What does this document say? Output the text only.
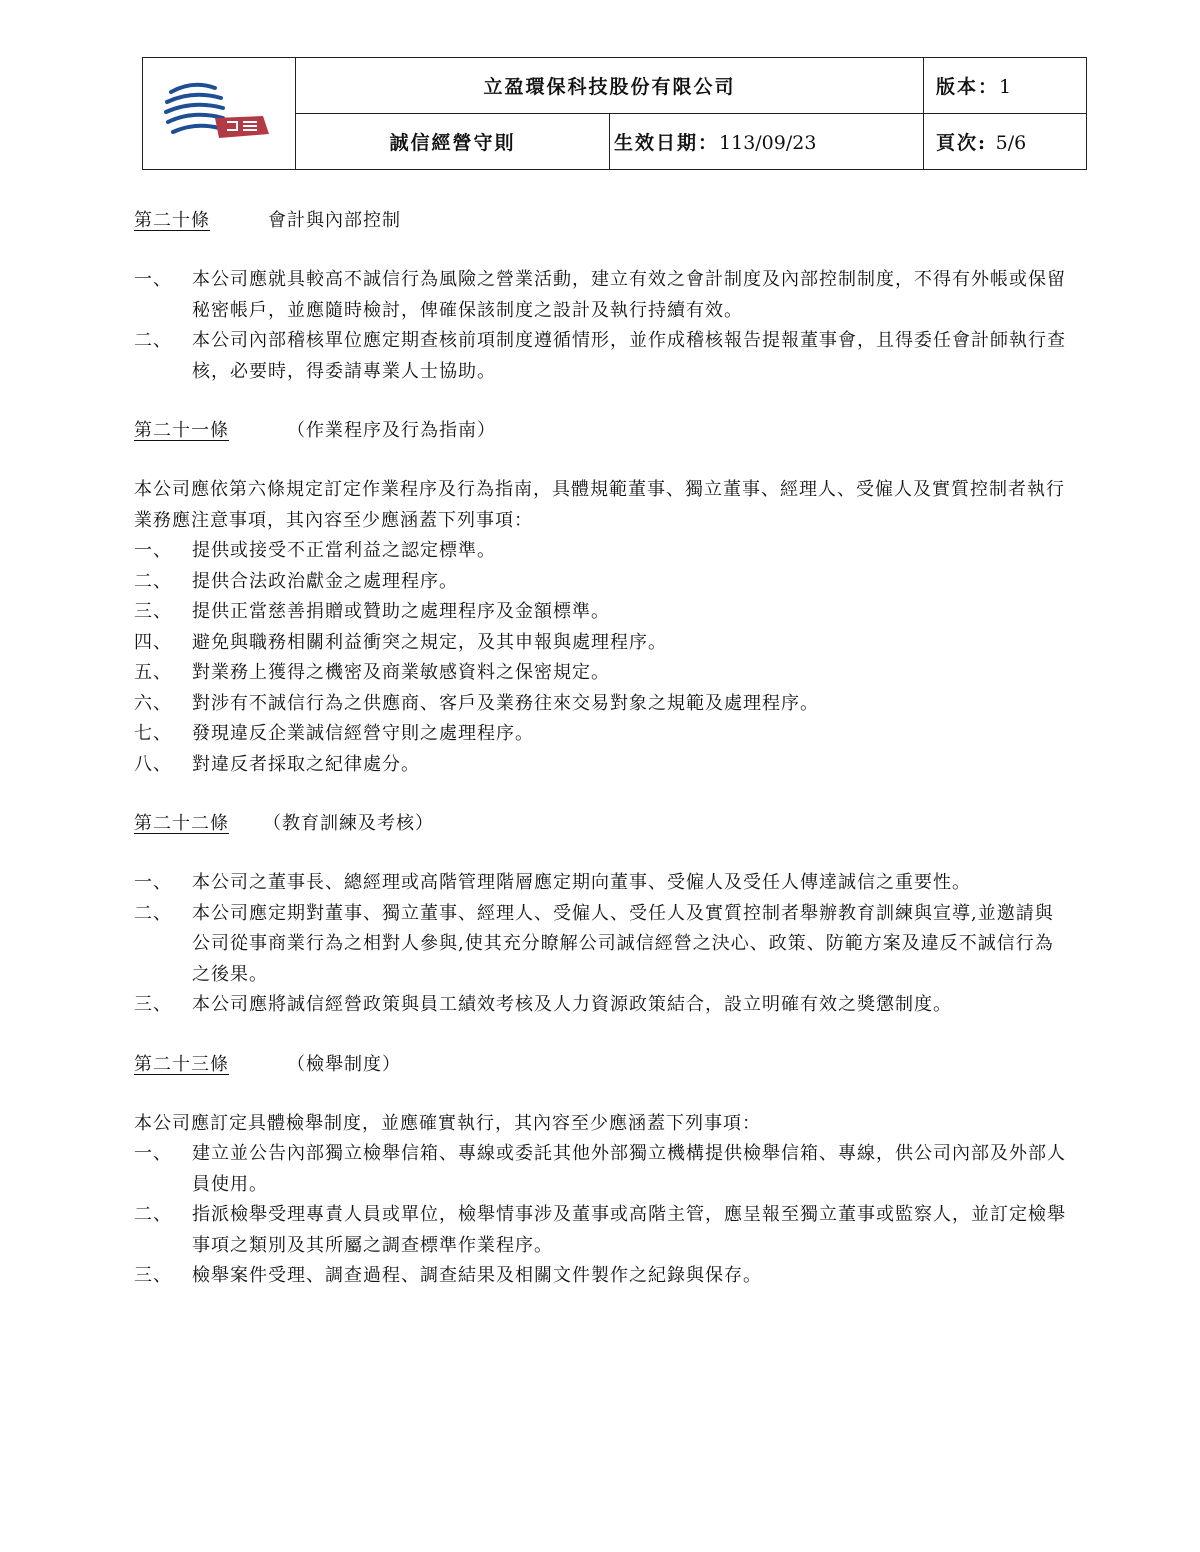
	立盈環保科技股份有限公司		版本：1
	誠信經營守則	生效日期：113/09/23	頁次: 5/6
第二十條	會計與內部控制
一、	本公司應就具較高不誠信行為風險之營業活動，建立有效之會計制度及內部控制制度，不得有外帳或保留秘密帳戶，並應隨時檢討，俾確保該制度之設計及執行持續有效。
二、	本公司內部稽核單位應定期查核前項制度遵循情形，並作成稽核報告提報董事會，且得委任會計師執行查核，必要時，得委請專業人士協助。
第二十一條	（作業程序及行為指南）
本公司應依第六條規定訂定作業程序及行為指南，具體規範董事、獨立董事、經理人、受僱人及實質控制者執行業務應注意事項，其內容至少應涵蓋下列事項：
一、	提供或接受不正當利益之認定標準。
二、	提供合法政治獻金之處理程序。
三、	提供正當慈善捐贈或贊助之處理程序及金額標準。
四、	避免與職務相關利益衝突之規定，及其申報與處理程序。
五、	對業務上獲得之機密及商業敏感資料之保密規定。
六、	對涉有不誠信行為之供應商、客戶及業務往來交易對象之規範及處理程序。
七、	發現違反企業誠信經營守則之處理程序。
八、	對違反者採取之紀律處分。
第二十二條 （教育訓練及考核）
一、	本公司之董事長、總經理或高階管理階層應定期向董事、受僱人及受任人傳達誠信之重要性。
二、	本公司應定期對董事、獨立董事、經理人、受僱人、受任人及實質控制者舉辦教育訓練與宣導,並邀請與公司從事商業行為之相對人參與,使其充分瞭解公司誠信經營之決心、政策、防範方案及違反不誠信行為之後果。
三、	本公司應將誠信經營政策與員工績效考核及人力資源政策結合，設立明確有效之獎懲制度。
第二十三條	（檢舉制度）
本公司應訂定具體檢舉制度，並應確實執行，其內容至少應涵蓋下列事項：
一、	建立並公告內部獨立檢舉信箱、專線或委託其他外部獨立機構提供檢舉信箱、專線，供公司內部及外部人員使用。
二、	指派檢舉受理專責人員或單位，檢舉情事涉及董事或高階主管，應呈報至獨立董事或監察人，並訂定檢舉事項之類別及其所屬之調查標準作業程序。
三、	檢舉案件受理、調查過程、調查結果及相關文件製作之紀錄與保存。
